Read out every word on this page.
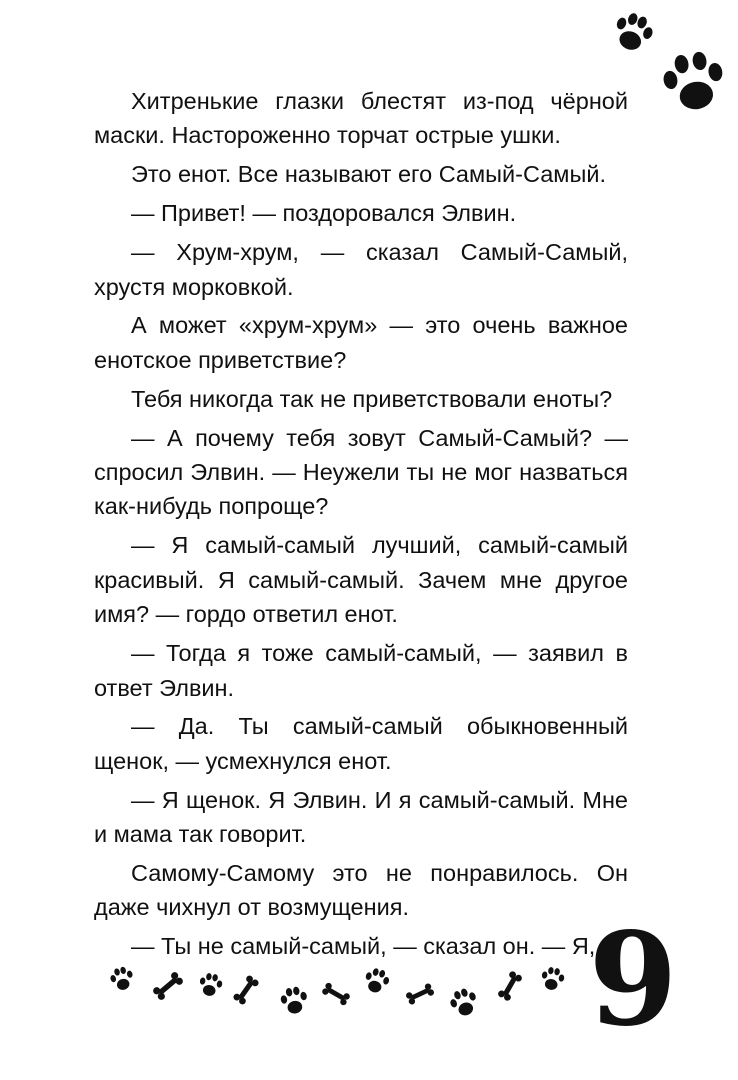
Хитренькие глазки блестят из-под чёрной маски. Настороженно торчат острые ушки.

Это енот. Все называют его Самый-Самый.

— Привет! — поздоровался Элвин.

— Хрум-хрум, — сказал Самый-Самый, хрустя морковкой.

А может «хрум-хрум» — это очень важное енотское приветствие?

Тебя никогда так не приветствовали еноты?

— А почему тебя зовут Самый-Самый? — спросил Элвин. — Неужели ты не мог назваться как-нибудь попроще?

— Я самый-самый лучший, самый-самый красивый. Я самый-самый. Зачем мне другое имя? — гордо ответил енот.

— Тогда я тоже самый-самый, — заявил в ответ Элвин.

— Да. Ты самый-самый обыкновенный щенок, — усмехнулся енот.

— Я щенок. Я Элвин. И я самый-самый. Мне и мама так говорит.

Самому-Самому это не понравилось. Он даже чихнул от возмущения.

— Ты не самый-самый, — сказал он. — Я,

9
